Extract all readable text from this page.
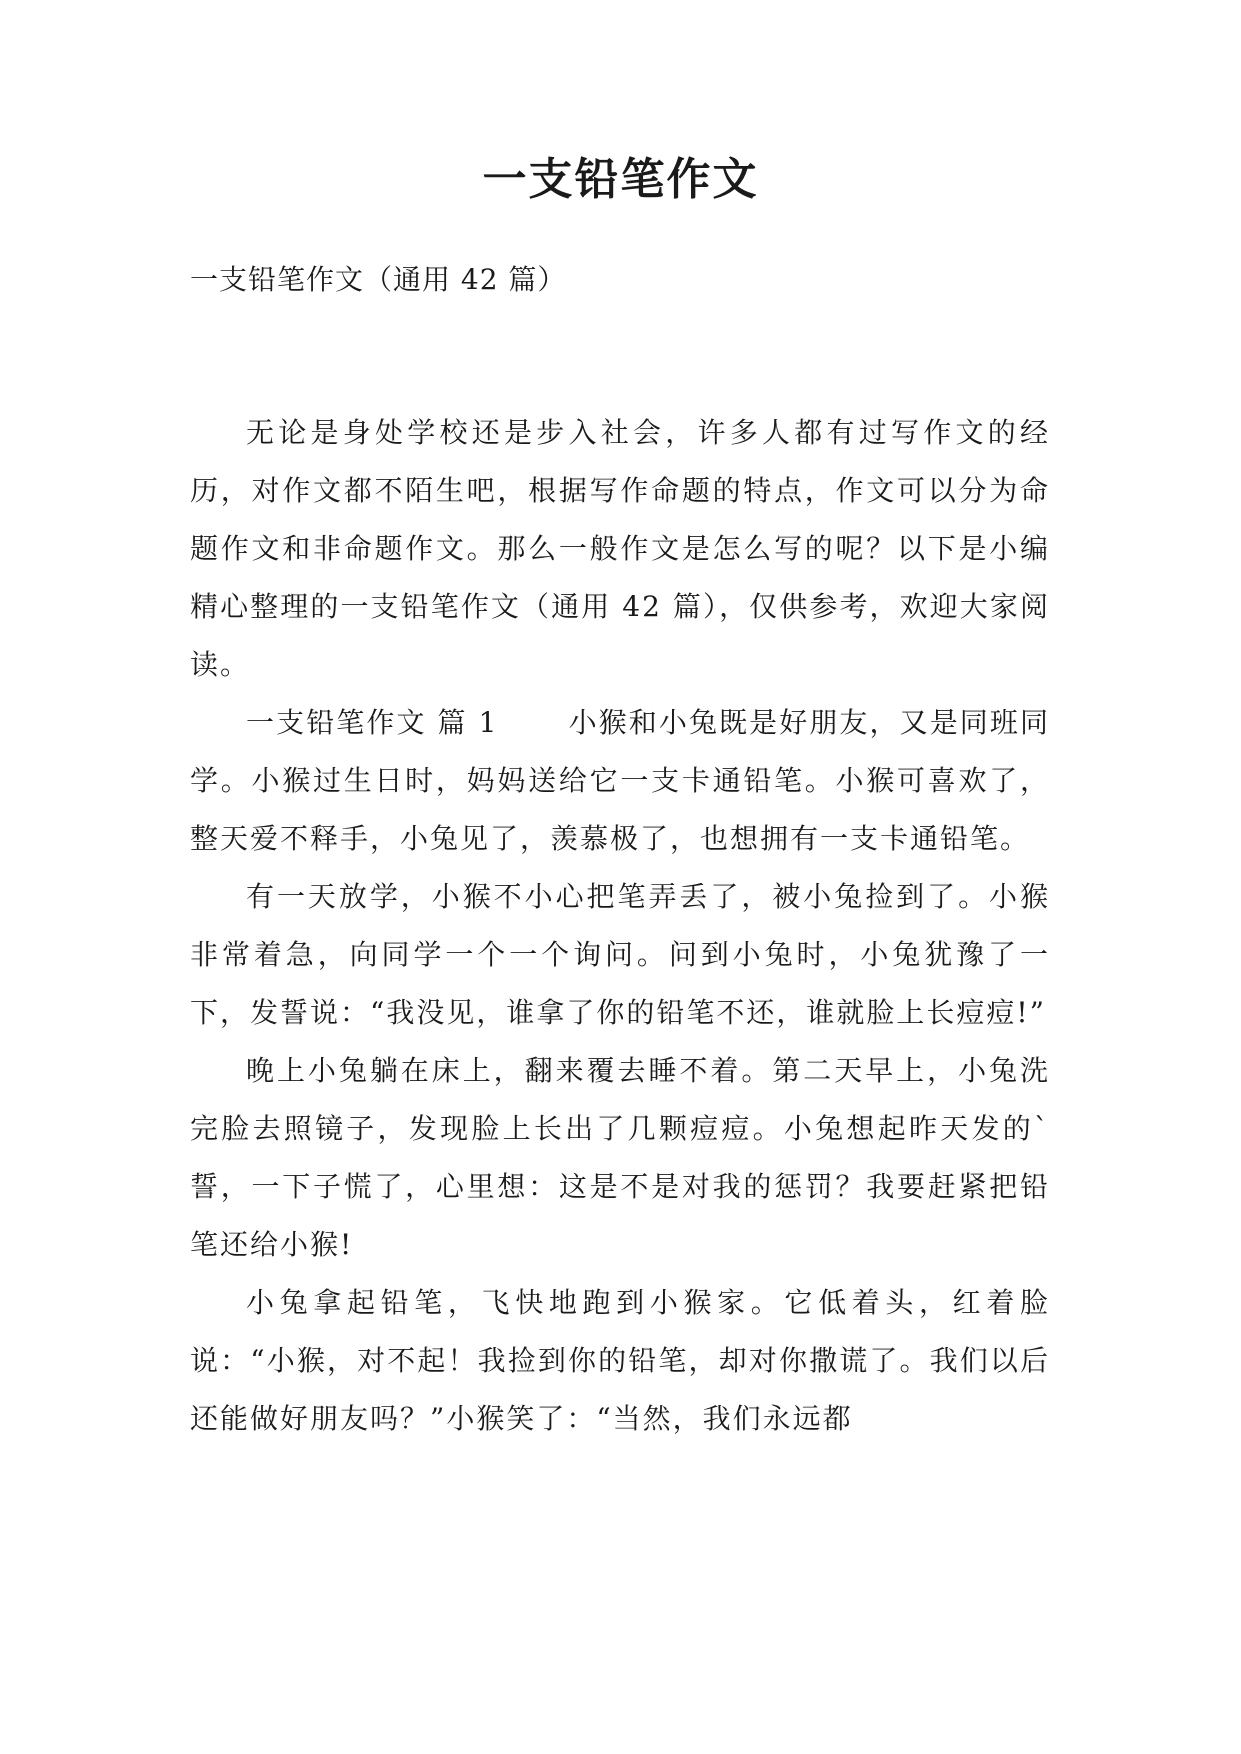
一支铅笔作文
一支铅笔作文（通用 42 篇）

无论是身处学校还是步入社会，许多人都有过写作文的经历，对作文都不陌生吧，根据写作命题的特点，作文可以分为命题作文和非命题作文。那么一般作文是怎么写的呢？以下是小编精心整理的一支铅笔作文（通用 42 篇），仅供参考，欢迎大家阅读。

一支铅笔作文 篇 1	小猴和小兔既是好朋友，又是同班同学。小猴过生日时，妈妈送给它一支卡通铅笔。小猴可喜欢了，整天爱不释手，小兔见了，羡慕极了，也想拥有一支卡通铅笔。

有一天放学，小猴不小心把笔弄丢了，被小兔捡到了。小猴非常着急，向同学一个一个询问。问到小兔时，小兔犹豫了一下，发誓说：“我没见，谁拿了你的铅笔不还，谁就脸上长痘痘!”

晚上小兔躺在床上，翻来覆去睡不着。第二天早上，小兔洗完脸去照镜子，发现脸上长出了几颗痘痘。小兔想起昨天发的`誓，一下子慌了，心里想：这是不是对我的惩罚？我要赶紧把铅笔还给小猴!

小兔拿起铅笔，飞快地跑到小猴家。它低着头，红着脸说：“小猴，对不起！我捡到你的铅笔，却对你撒谎了。我们以后还能做好朋友吗？”小猴笑了：“当然，我们永远都
